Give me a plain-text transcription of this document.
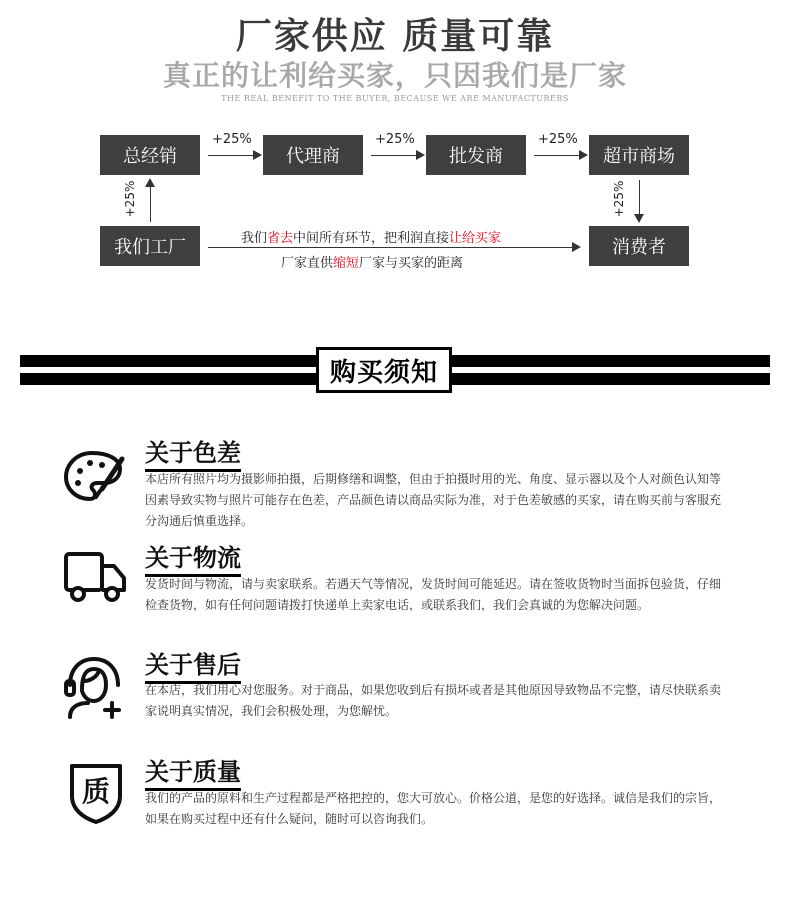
厂家供应 质量可靠
真正的让利给买家，只因我们是厂家
THE REAL BENEFIT TO THE BUYER, BECAUSE WE ARE MANUFACTURERS
总经销	代理商	批发商	超市商场
我们工厂	消费者
+25%	+25%	+25%
+25%	+25%
我们省去中间所有环节，把利润直接让给买家
厂家直供缩短厂家与买家的距离
购买须知
关于色差
本店所有照片均为摄影师拍摄，后期修缮和调整，但由于拍摄时用的光、角度、显示器以及个人对颜色认知等因素导致实物与照片可能存在色差，产品颜色请以商品实际为准，对于色差敏感的买家，请在购买前与客服充分沟通后慎重选择。
关于物流
发货时间与物流，请与卖家联系。若遇天气等情况，发货时间可能延迟。请在签收货物时当面拆包验货，仔细检查货物，如有任何问题请拨打快递单上卖家电话，或联系我们，我们会真诚的为您解决问题。
关于售后
在本店，我们用心对您服务。对于商品，如果您收到后有损坏或者是其他原因导致物品不完整，请尽快联系卖家说明真实情况，我们会积极处理，为您解忧。
质
关于质量
我们的产品的原料和生产过程都是严格把控的，您大可放心。价格公道，是您的好选择。诚信是我们的宗旨，如果在购买过程中还有什么疑问，随时可以咨询我们。
